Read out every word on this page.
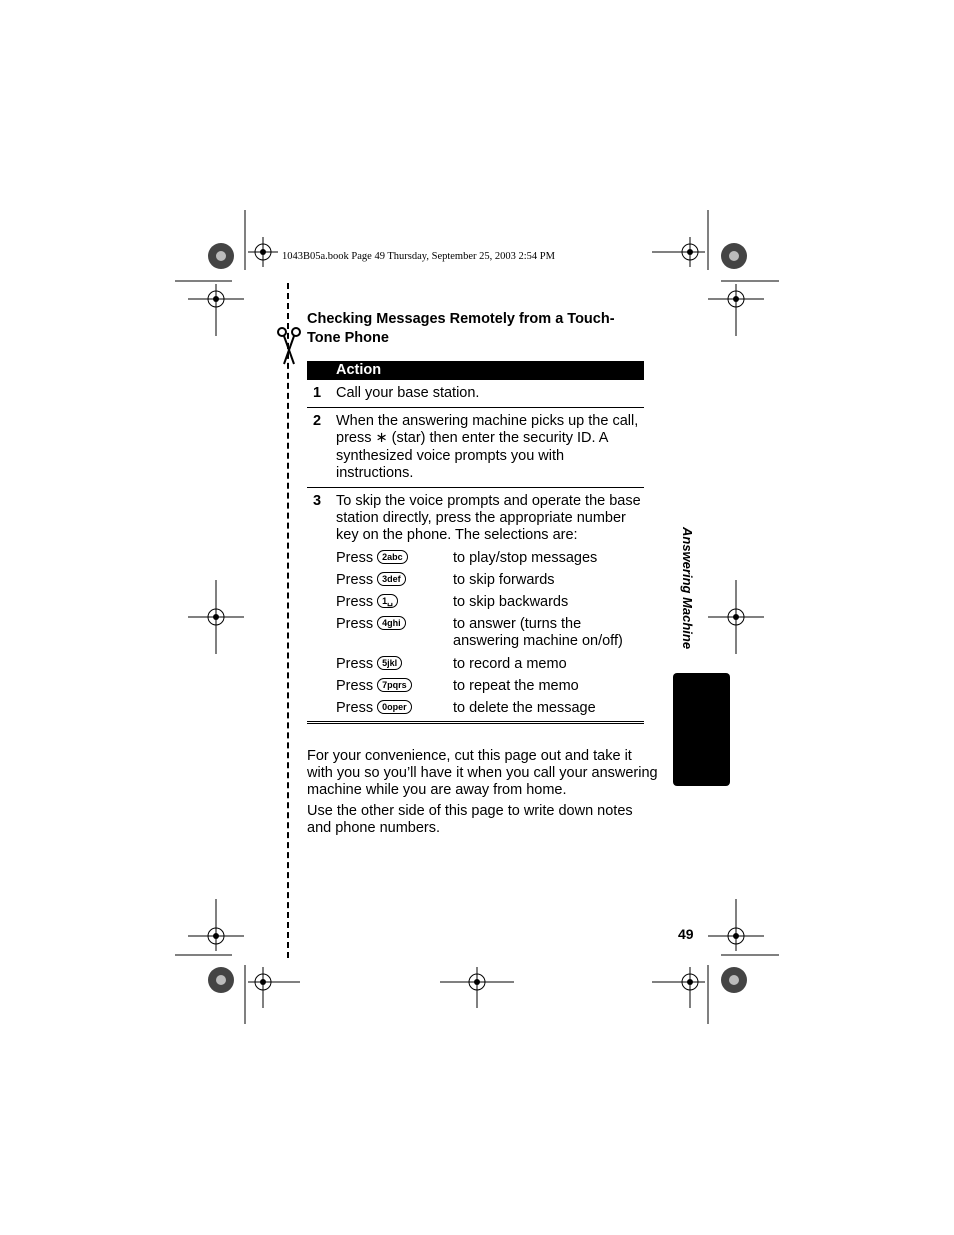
1043B05a.book Page 49 Thursday, September 25, 2003 2:54 PM
Checking Messages Remotely from a Touch-Tone Phone
Action
1 Call your base station.
2 When the answering machine picks up the call, press ∗ (star) then enter the security ID. A synthesized voice prompts you with instructions.
3 To skip the voice prompts and operate the base station directly, press the appropriate number key on the phone. The selections are:
Press 2abc	to play/stop messages
Press 3def	to skip forwards
Press 1␣	to skip backwards
Press 4ghi	to answer (turns the answering machine on/off)
Press 5jkl	to record a memo
Press 7pqrs	to repeat the memo
Press 0oper	to delete the message
For your convenience, cut this page out and take it with you so you’ll have it when you call your answering machine while you are away from home.
Use the other side of this page to write down notes and phone numbers.
Answering Machine
49
